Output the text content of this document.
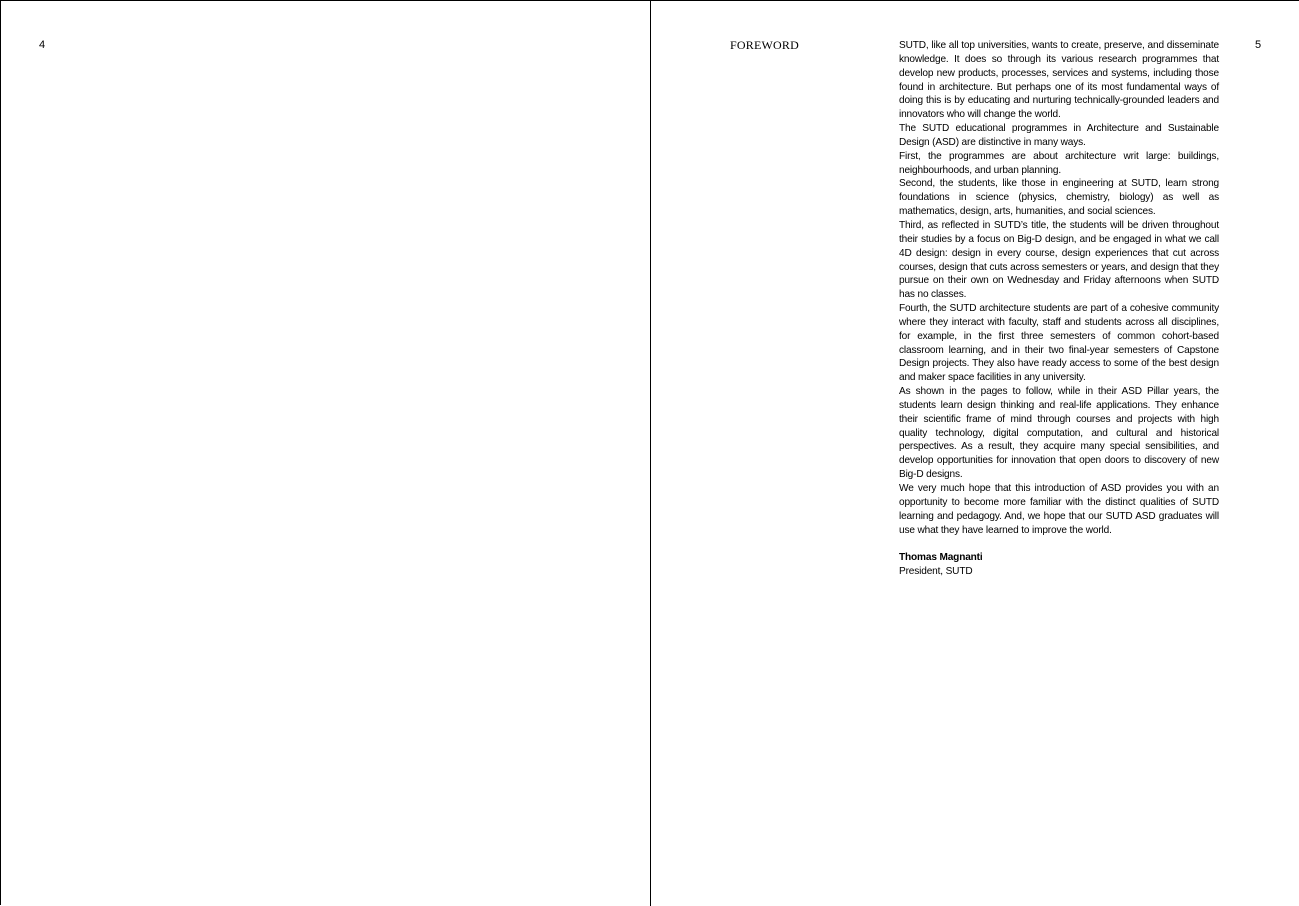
4	FOREWORD	SUTD, like all top universities, wants to create, preserve, and disseminate knowledge. It does so through its various research programmes that develop new products, processes, services and systems, including those found in architecture. But perhaps one of its most fundamental ways of doing this is by educating and nurturing technically-grounded leaders and innovators who will change the world.

The SUTD educational programmes in Architecture and Sustainable Design (ASD) are distinctive in many ways.

First, the programmes are about architecture writ large: buildings, neighbourhoods, and urban planning.

Second, the students, like those in engineering at SUTD, learn strong foundations in science (physics, chemistry, biology) as well as mathematics, design, arts, humanities, and social sciences.

Third, as reflected in SUTD’s title, the students will be driven throughout their studies by a focus on Big-D design, and be engaged in what we call 4D design: design in every course, design experiences that cut across courses, design that cuts across semesters or years, and design that they pursue on their own on Wednesday and Friday afternoons when SUTD has no classes.

Fourth, the SUTD architecture students are part of a cohesive community where they interact with faculty, staff and students across all disciplines, for example, in the first three semesters of common cohort-based classroom learning, and in their two final-year semesters of Capstone Design projects. They also have ready access to some of the best design and maker space facilities in any university.

As shown in the pages to follow, while in their ASD Pillar years, the students learn design thinking and real-life applications. They enhance their scientific frame of mind through courses and projects with high quality technology, digital computation, and cultural and historical perspectives. As a result, they acquire many special sensibilities, and develop opportunities for innovation that open doors to discovery of new Big-D designs.

We very much hope that this introduction of ASD provides you with an opportunity to become more familiar with the distinct qualities of SUTD learning and pedagogy. And, we hope that our SUTD ASD graduates will use what they have learned to improve the world.

Thomas Magnanti
President, SUTD

5
